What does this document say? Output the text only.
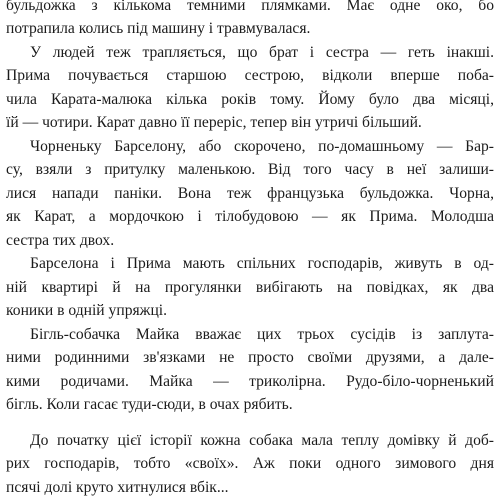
бульдожка з кількома темними плямками. Має одне око, бо
потрапила колись під машину і травмувалася.
У людей теж трапляється, що брат і сестра — геть інакші.
Прима почувається старшою сестрою, відколи вперше поба-
чила Карата-малюка кілька років тому. Йому було два місяці,
їй — чотири. Карат давно її переріс, тепер він утричі більший.
Чорненьку Барселону, або скорочено, по-домашньому — Бар-
су, взяли з притулку маленькою. Від того часу в неї залиши-
лися напади паніки. Вона теж французька бульдожка. Чорна,
як Карат, а мордочкою і тілобудовою — як Прима. Молодша
сестра тих двох.
Барселона і Прима мають спільних господарів, живуть в од-
ній квартирі й на прогулянки вибігають на повідках, як два
коники в одній упряжці.
Бігль-собачка Майка вважає цих трьох сусідів із заплута-
ними родинними зв'язками не просто своїми друзями, а дале-
кими родичами. Майка — триколірна. Рудо-біло-чорненький
бігль. Коли гасає туди-сюди, в очах рябить.
До початку цієї історії кожна собака мала теплу домівку й доб-
рих господарів, тобто «своїх». Аж поки одного зимового дня
псячі долі круто хитнулися вбік...
